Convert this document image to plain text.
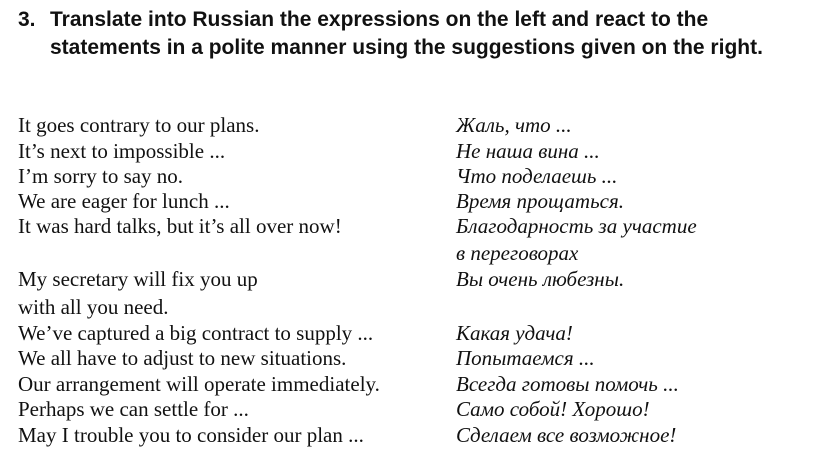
3. Translate into Russian the expressions on the left and react to the statements in a polite manner using the suggestions given on the right.
It goes contrary to our plans.	Жаль, что ...
It’s next to impossible ...	Не наша вина ...
I’m sorry to say no.	Что поделаешь ...
We are eager for lunch ...	Время прощаться.
It was hard talks, but it’s all over now!	Благодарность за участие
в переговорах
My secretary will fix you up	Вы очень любезны.
with all you need.
We’ve captured a big contract to supply ...	Какая удача!
We all have to adjust to new situations.	Попытаемся ...
Our arrangement will operate immediately.	Всегда готовы помочь ...
Perhaps we can settle for ...	Само собой! Хорошо!
May I trouble you to consider our plan ...	Сделаем все возможное!
